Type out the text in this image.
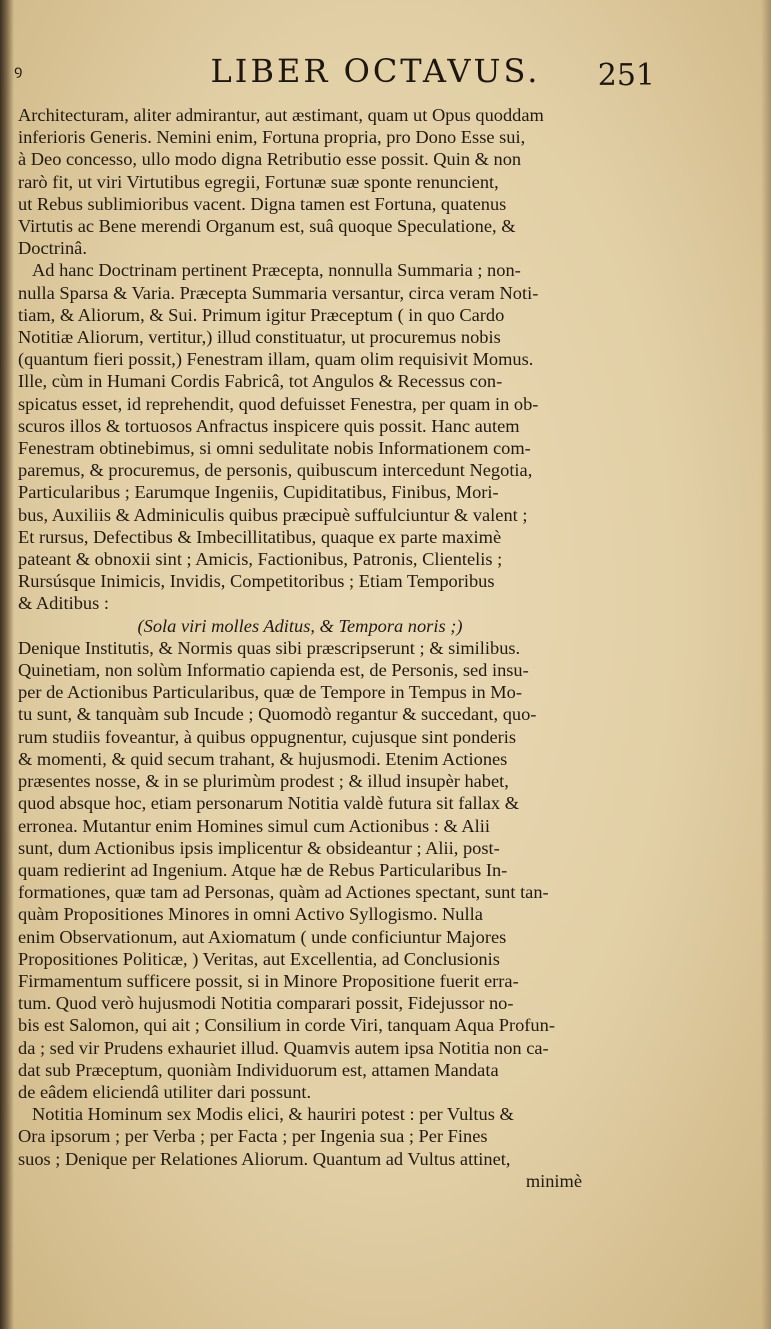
ꝰ	LIBER OCTAVUS.	251
Architecturam, aliter admirantur, aut æstimant, quam ut Opus quoddam
inferioris Generis. Nemini enim, Fortuna propria, pro Dono Esse sui,
à Deo concesso, ullo modo digna Retributio esse possit. Quin & non
rarò fit, ut viri Virtutibus egregii, Fortunæ suæ sponte renuncient,
ut Rebus sublimioribus vacent. Digna tamen est Fortuna, quatenus
Virtutis ac Bene merendi Organum est, suâ quoque Speculatione, &
Doctrinâ.
Ad hanc Doctrinam pertinent Præcepta, nonnulla Summaria ; non-
nulla Sparsa & Varia. Præcepta Summaria versantur, circa veram Noti-
tiam, & Aliorum, & Sui. Primum igitur Præceptum ( in quo Cardo
Notitiæ Aliorum, vertitur,) illud constituatur, ut procuremus nobis
(quantum fieri possit,) Fenestram illam, quam olim requisivit Momus.
Ille, cùm in Humani Cordis Fabricâ, tot Angulos & Recessus con-
spicatus esset, id reprehendit, quod defuisset Fenestra, per quam in ob-
scuros illos & tortuosos Anfractus inspicere quis possit. Hanc autem
Fenestram obtinebimus, si omni sedulitate nobis Informationem com-
paremus, & procuremus, de personis, quibuscum intercedunt Negotia,
Particularibus ; Earumque Ingeniis, Cupiditatibus, Finibus, Mori-
bus, Auxiliis & Adminiculis quibus præcipuè suffulciuntur & valent ;
Et rursus, Defectibus & Imbecillitatibus, quaque ex parte maximè
pateant & obnoxii sint ; Amicis, Factionibus, Patronis, Clientelis ;
Rursúsque Inimicis, Invidis, Competitoribus ; Etiam Temporibus
& Aditibus :
(Sola viri molles Aditus, & Tempora noris ;)
Denique Institutis, & Normis quas sibi præscripserunt ; & similibus.
Quinetiam, non solùm Informatio capienda est, de Personis, sed insu-
per de Actionibus Particularibus, quæ de Tempore in Tempus in Mo-
tu sunt, & tanquàm sub Incude ; Quomodò regantur & succedant, quo-
rum studiis foveantur, à quibus oppugnentur, cujusque sint ponderis
& momenti, & quid secum trahant, & hujusmodi. Etenim Actiones
præsentes nosse, & in se plurimùm prodest ; & illud insupèr habet,
quod absque hoc, etiam personarum Notitia valdè futura sit fallax &
erronea. Mutantur enim Homines simul cum Actionibus : & Alii
sunt, dum Actionibus ipsis implicentur & obsideantur ; Alii, post-
quam redierint ad Ingenium. Atque hæ de Rebus Particularibus In-
formationes, quæ tam ad Personas, quàm ad Actiones spectant, sunt tan-
quàm Propositiones Minores in omni Activo Syllogismo. Nulla
enim Observationum, aut Axiomatum ( unde conficiuntur Majores
Propositiones Politicæ, ) Veritas, aut Excellentia, ad Conclusionis
Firmamentum sufficere possit, si in Minore Propositione fuerit erra-
tum. Quod verò hujusmodi Notitia comparari possit, Fidejussor no-
bis est Salomon, qui ait ; Consilium in corde Viri, tanquam Aqua Profun-
da ; sed vir Prudens exhauriet illud. Quamvis autem ipsa Notitia non ca-
dat sub Præceptum, quoniàm Individuorum est, attamen Mandata
de eâdem eliciendâ utiliter dari possunt.
Notitia Hominum sex Modis elici, & hauriri potest : per Vultus &
Ora ipsorum ; per Verba ; per Facta ; per Ingenia sua ; Per Fines
suos ; Denique per Relationes Aliorum. Quantum ad Vultus attinet,
minimè
